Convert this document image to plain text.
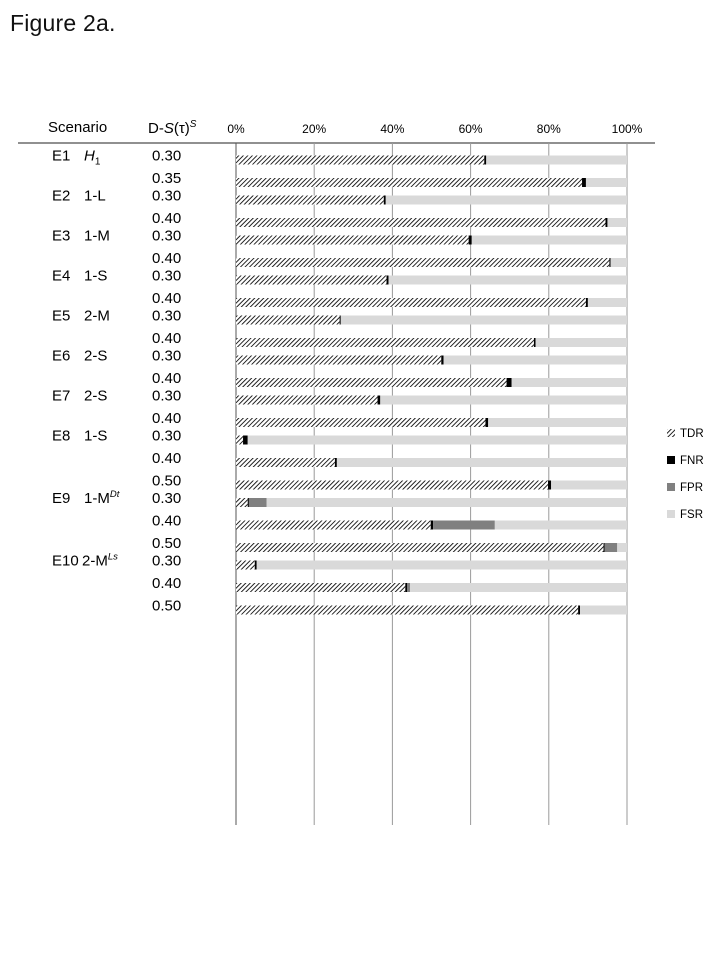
Figure 2a.
Scenario	$D-S(\tau)^S$	0%	20%	40%	60%	80%	100%
E1 $H_1$	0.30
0.35
E2 1-L	0.30
0.40
E3 1-M	0.30
0.40
E4 1-S	0.30
0.40
E5 2-M	0.30
0.40
E6 2-S	0.30
0.40
E7 2-S	0.30
0.40
E8 1-S	0.30
0.40
0.50
E9 $1-M^{Dt}$ 0.30
0.40
0.50
E10 $2-M^{Ls}$ 0.30
0.40
0.50
TDR
FNR
FPR
FSR
